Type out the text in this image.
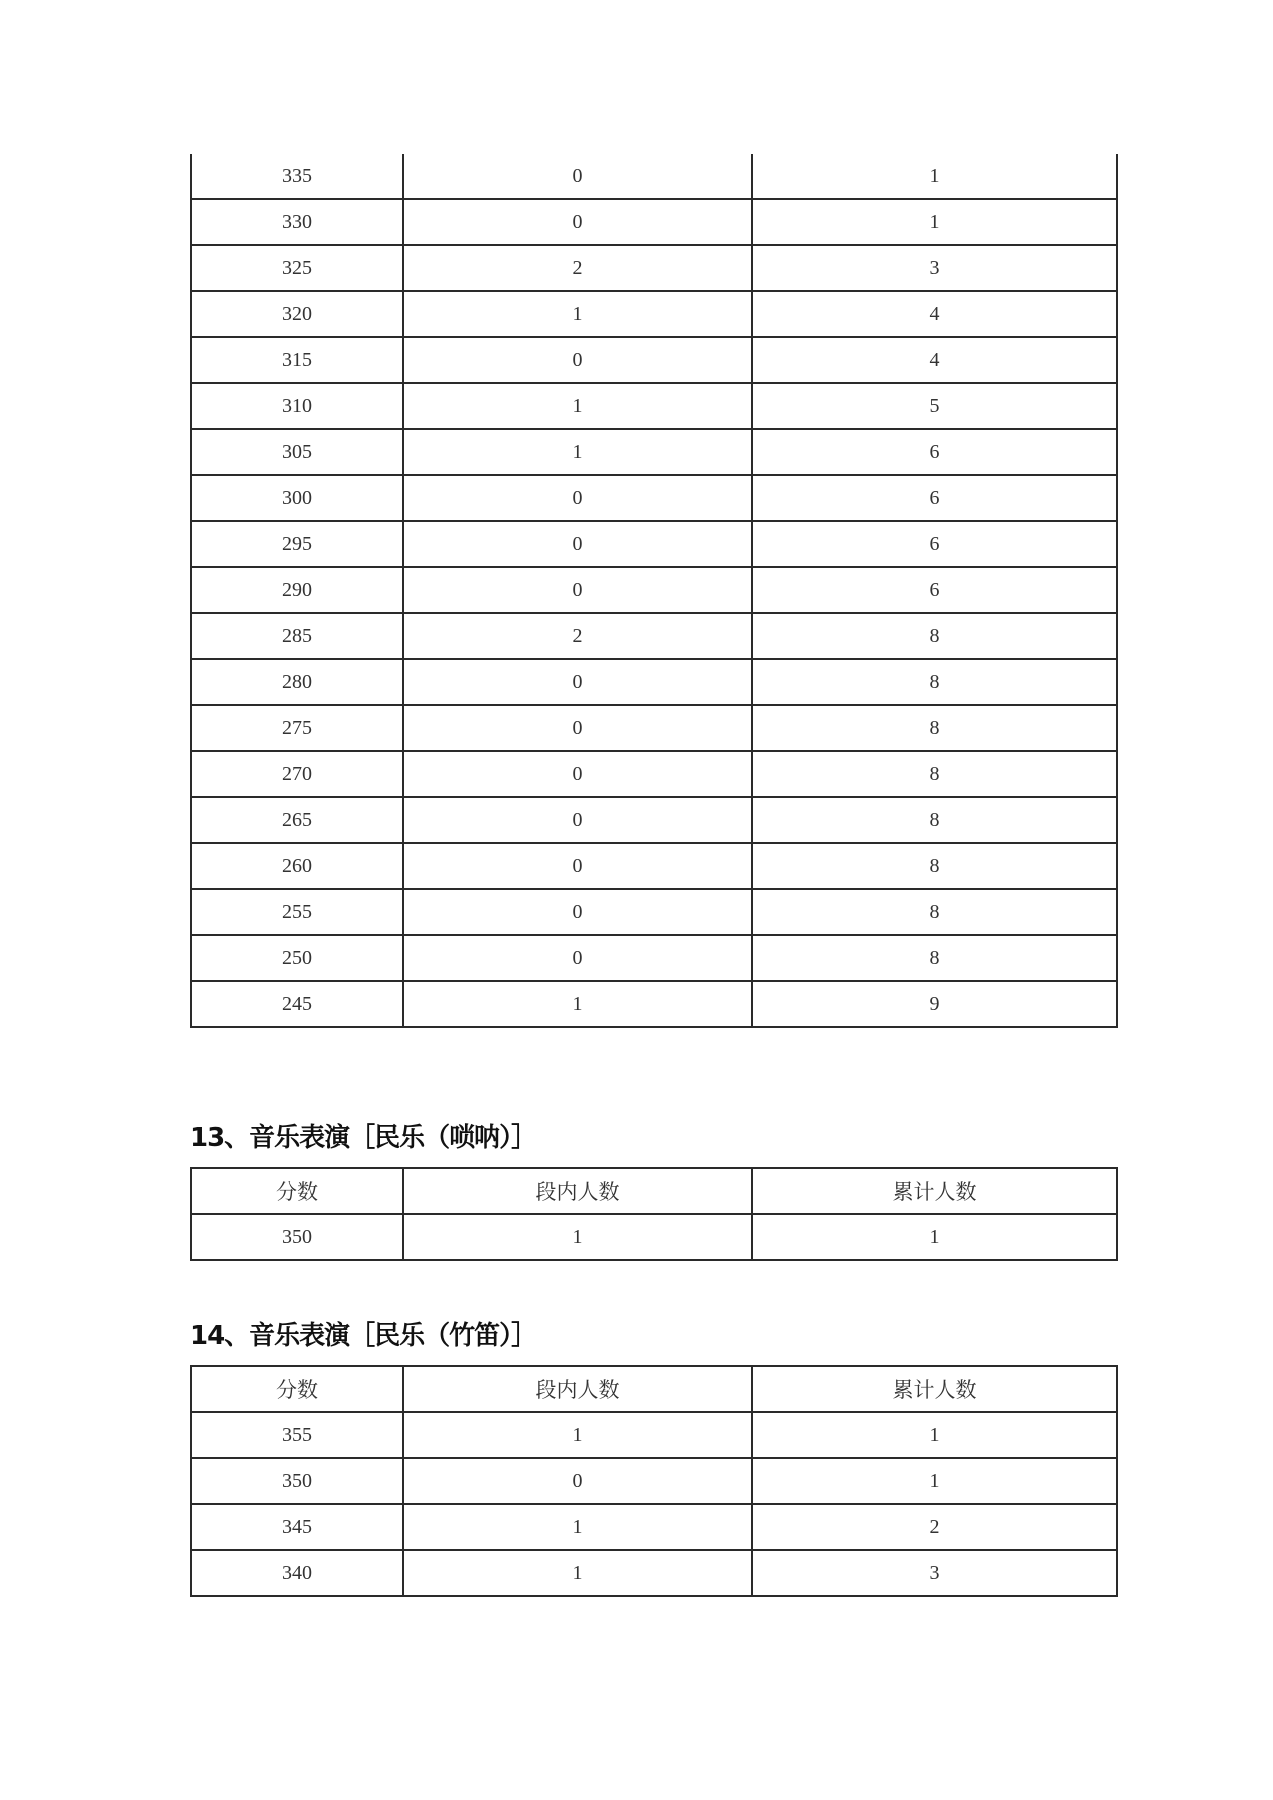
335	0	1
330	0	1
325	2	3
320	1	4
315	0	4
310	1	5
305	1	6
300	0	6
295	0	6
290	0	6
285	2	8
280	0	8
275	0	8
270	0	8
265	0	8
260	0	8
255	0	8
250	0	8
245	1	9
13、音乐表演［民乐（唢呐）］
分数	段内人数	累计人数
350	1	1
14、音乐表演［民乐（竹笛）］
分数	段内人数	累计人数
355	1	1
350	0	1
345	1	2
340	1	3
